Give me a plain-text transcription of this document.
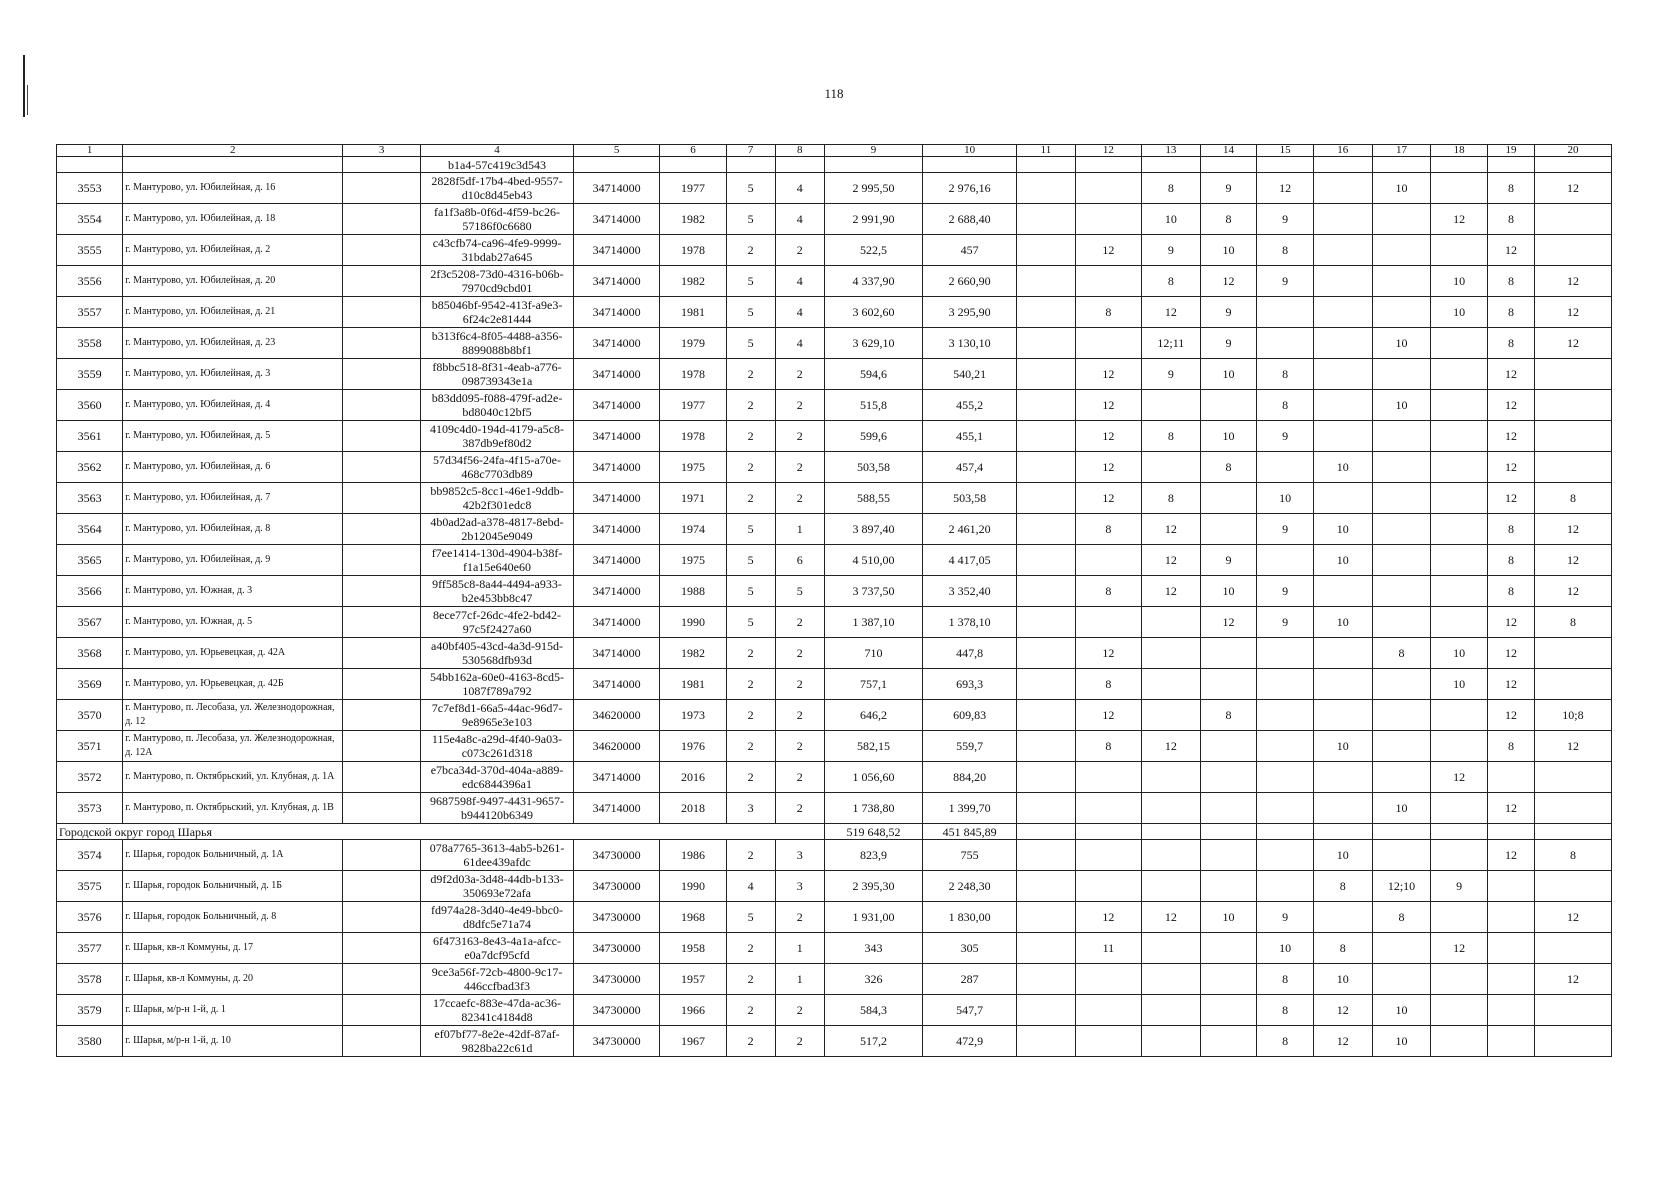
118
1	2	3	4	5	6	7	8	9	10	11	12	13	14	15	16	17	18	19	20
			b1a4-57c419c3d543																
3553	г. Мантурово, ул. Юбилейная, д. 16		2828f5df-17b4-4bed-9557-d10c8d45eb43	34714000	1977	5	4	2 995,50	2 976,16			8	9	12		10		8	12
3554	г. Мантурово, ул. Юбилейная, д. 18		fa1f3a8b-0f6d-4f59-bc26-57186f0c6680	34714000	1982	5	4	2 991,90	2 688,40			10	8	9			12	8	
3555	г. Мантурово, ул. Юбилейная, д. 2		c43cfb74-ca96-4fe9-9999-31bdab27a645	34714000	1978	2	2	522,5	457		12	9	10	8				12	
3556	г. Мантурово, ул. Юбилейная, д. 20		2f3c5208-73d0-4316-b06b-7970cd9cbd01	34714000	1982	5	4	4 337,90	2 660,90			8	12	9			10	8	12
3557	г. Мантурово, ул. Юбилейная, д. 21		b85046bf-9542-413f-a9e3-6f24c2e81444	34714000	1981	5	4	3 602,60	3 295,90		8	12	9				10	8	12
3558	г. Мантурово, ул. Юбилейная, д. 23		b313f6c4-8f05-4488-a356-8899088b8bf1	34714000	1979	5	4	3 629,10	3 130,10			12;11	9			10		8	12
3559	г. Мантурово, ул. Юбилейная, д. 3		f8bbc518-8f31-4eab-a776-098739343e1a	34714000	1978	2	2	594,6	540,21		12	9	10	8				12	
3560	г. Мантурово, ул. Юбилейная, д. 4		b83dd095-f088-479f-ad2e-bd8040c12bf5	34714000	1977	2	2	515,8	455,2		12			8		10		12	
3561	г. Мантурово, ул. Юбилейная, д. 5		4109c4d0-194d-4179-a5c8-387db9ef80d2	34714000	1978	2	2	599,6	455,1		12	8	10	9				12	
3562	г. Мантурово, ул. Юбилейная, д. 6		57d34f56-24fa-4f15-a70e-468c7703db89	34714000	1975	2	2	503,58	457,4		12		8		10			12	
3563	г. Мантурово, ул. Юбилейная, д. 7		bb9852c5-8cc1-46e1-9ddb-42b2f301edc8	34714000	1971	2	2	588,55	503,58		12	8		10				12	8
3564	г. Мантурово, ул. Юбилейная, д. 8		4b0ad2ad-a378-4817-8ebd-2b12045e9049	34714000	1974	5	1	3 897,40	2 461,20		8	12		9	10			8	12
3565	г. Мантурово, ул. Юбилейная, д. 9		f7ee1414-130d-4904-b38f-f1a15e640e60	34714000	1975	5	6	4 510,00	4 417,05			12	9		10			8	12
3566	г. Мантурово, ул. Южная, д. 3		9ff585c8-8a44-4494-a933-b2e453bb8c47	34714000	1988	5	5	3 737,50	3 352,40		8	12	10	9				8	12
3567	г. Мантурово, ул. Южная, д. 5		8ece77cf-26dc-4fe2-bd42-97c5f2427a60	34714000	1990	5	2	1 387,10	1 378,10				12	9	10			12	8
3568	г. Мантурово, ул. Юрьевецкая, д. 42А		a40bf405-43cd-4a3d-915d-530568dfb93d	34714000	1982	2	2	710	447,8		12					8	10	12	
3569	г. Мантурово, ул. Юрьевецкая, д. 42Б		54bb162a-60e0-4163-8cd5-1087f789a792	34714000	1981	2	2	757,1	693,3		8						10	12	
3570	г. Мантурово, п. Лесобаза, ул. Железнодорожная, д. 12		7c7ef8d1-66a5-44ac-96d7-9e8965e3e103	34620000	1973	2	2	646,2	609,83		12		8					12	10;8
3571	г. Мантурово, п. Лесобаза, ул. Железнодорожная, д. 12А		115e4a8c-a29d-4f40-9a03-c073c261d318	34620000	1976	2	2	582,15	559,7		8	12			10			8	12
3572	г. Мантурово, п. Октябрьский, ул. Клубная, д. 1А		e7bca34d-370d-404a-a889-edc6844396a1	34714000	2016	2	2	1 056,60	884,20								12		
3573	г. Мантурово, п. Октябрьский, ул. Клубная, д. 1В		9687598f-9497-4431-9657-b944120b6349	34714000	2018	3	2	1 738,80	1 399,70							10		12	
Городской округ город Шарья								519 648,52	451 845,89										
3574	г. Шарья, городок Больничный, д. 1А		078a7765-3613-4ab5-b261-61dee439afdc	34730000	1986	2	3	823,9	755						10			12	8
3575	г. Шарья, городок Больничный, д. 1Б		d9f2d03a-3d48-44db-b133-350693e72afa	34730000	1990	4	3	2 395,30	2 248,30						8	12;10	9		
3576	г. Шарья, городок Больничный, д. 8		fd974a28-3d40-4e49-bbc0-d8dfc5e71a74	34730000	1968	5	2	1 931,00	1 830,00		12	12	10	9		8			12
3577	г. Шарья, кв-л Коммуны, д. 17		6f473163-8e43-4a1a-afcc-e0a7dcf95cfd	34730000	1958	2	1	343	305		11			10	8		12		
3578	г. Шарья, кв-л Коммуны, д. 20		9ce3a56f-72cb-4800-9c17-446ccfbad3f3	34730000	1957	2	1	326	287					8	10				12
3579	г. Шарья, м/р-н 1-й, д. 1		17ccaefc-883e-47da-ac36-82341c4184d8	34730000	1966	2	2	584,3	547,7					8	12	10			
3580	г. Шарья, м/р-н 1-й, д. 10		ef07bf77-8e2e-42df-87af-9828ba22c61d	34730000	1967	2	2	517,2	472,9					8	12	10			
